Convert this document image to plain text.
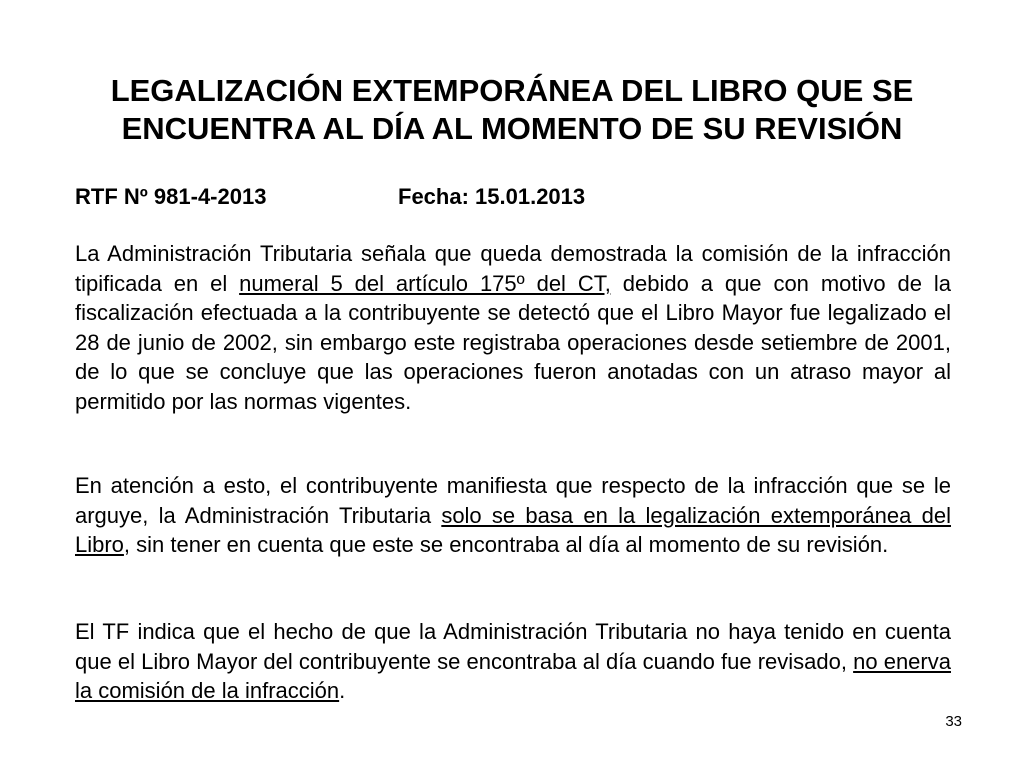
LEGALIZACIÓN EXTEMPORÁNEA DEL LIBRO QUE SE
ENCUENTRA AL DÍA AL MOMENTO DE SU REVISIÓN
RTF Nº 981-4-2013	Fecha: 15.01.2013

La Administración Tributaria señala que queda demostrada la comisión de la infracción tipificada en el numeral 5 del artículo 175º del CT, debido a que con motivo de la fiscalización efectuada a la contribuyente se detectó que el Libro Mayor fue legalizado el 28 de junio de 2002, sin embargo este registraba operaciones desde setiembre de 2001, de lo que se concluye que las operaciones fueron anotadas con un atraso mayor al permitido por las normas vigentes.

En atención a esto, el contribuyente manifiesta que respecto de la infracción que se le arguye, la Administración Tributaria solo se basa en la legalización extemporánea del Libro, sin tener en cuenta que este se encontraba al día al momento de su revisión.

El TF indica que el hecho de que la Administración Tributaria no haya tenido en cuenta que el Libro Mayor del contribuyente se encontraba al día cuando fue revisado, no enerva la comisión de la infracción.

33
